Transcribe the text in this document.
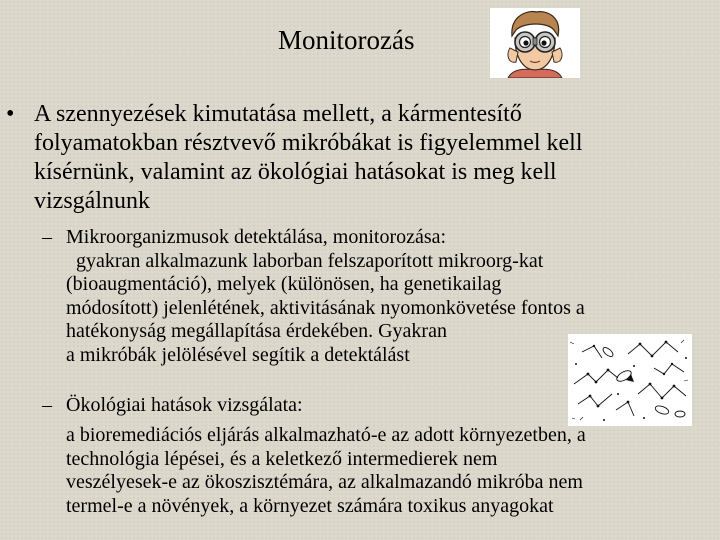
Monitorozás
• A szennyezések kimutatása mellett, a kármentesítő
folyamatokban résztvevő mikróbákat is figyelemmel kell
kísérnünk, valamint az ökológiai hatásokat is meg kell
vizsgálnunk
– Mikroorganizmusok detektálása, monitorozása:
gyakran alkalmazunk laborban felszaporított mikroorg-kat
(bioaugmentáció), melyek (különösen, ha genetikailag
módosított) jelenlétének, aktivitásának nyomonkövetése fontos a
hatékonyság megállapítása érdekében. Gyakran
a mikróbák jelölésével segítik a detektálást
– Ökológiai hatások vizsgálata:
a bioremediációs eljárás alkalmazható-e az adott környezetben, a
technológia lépései, és a keletkező intermedierek nem
veszélyesek-e az ökoszisztémára, az alkalmazandó mikróba nem
termel-e a növények, a környezet számára toxikus anyagokat
